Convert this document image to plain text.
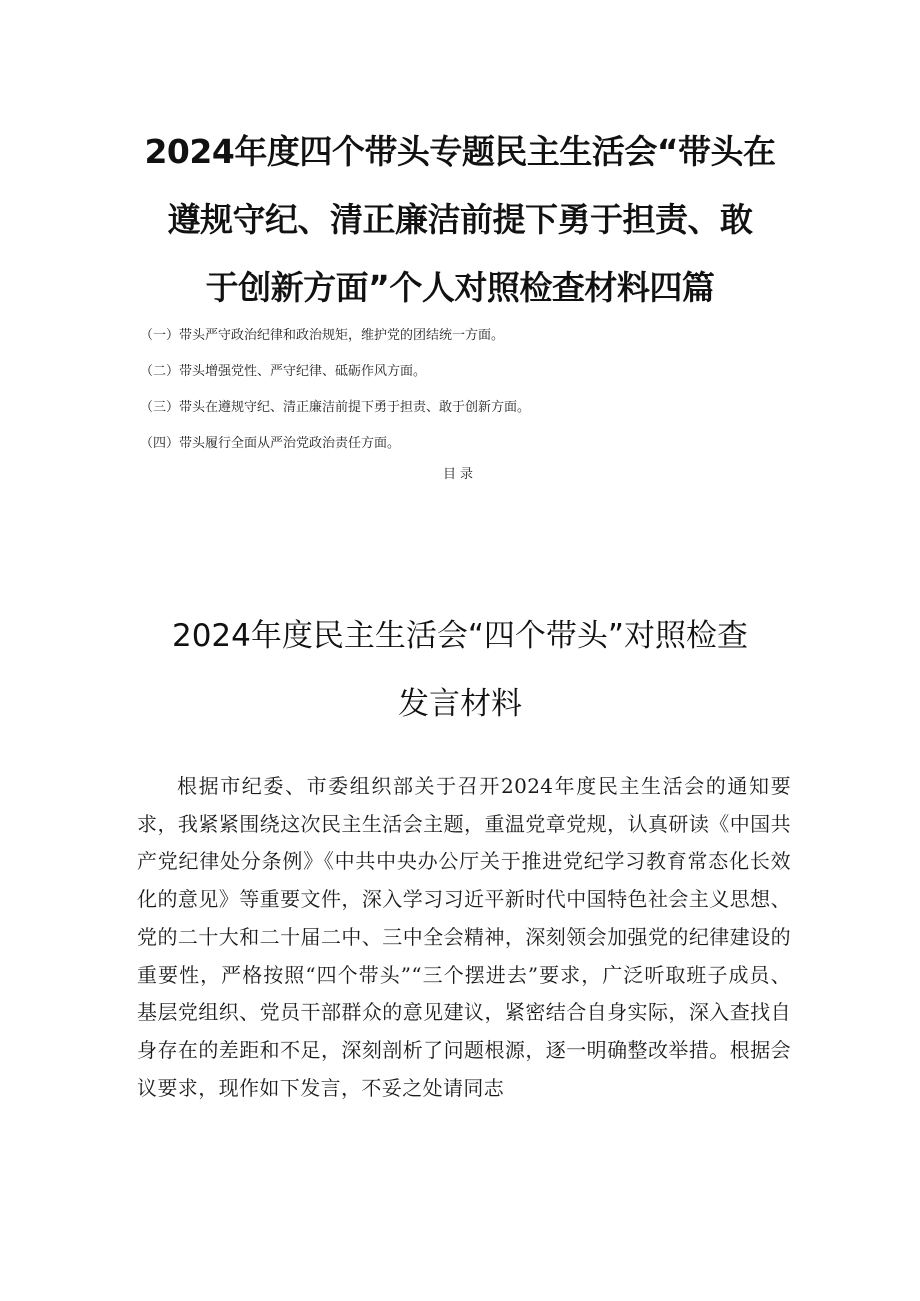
2024年度四个带头专题民主生活会“带头在
遵规守纪、清正廉洁前提下勇于担责、敢
于创新方面”个人对照检查材料四篇
（一）带头严守政治纪律和政治规矩，维护党的团结统一方面。
（二）带头增强党性、严守纪律、砥砺作风方面。
（三）带头在遵规守纪、清正廉洁前提下勇于担责、敢于创新方面。
（四）带头履行全面从严治党政治责任方面。
目录
2024年度民主生活会“四个带头”对照检查
发言材料

根据市纪委、市委组织部关于召开2024年度民主生活会的通知要求，我紧紧围绕这次民主生活会主题，重温党章党规，认真研读《中国共产党纪律处分条例》《中共中央办公厅关于推进党纪学习教育常态化长效化的意见》等重要文件，深入学习习近平新时代中国特色社会主义思想、党的二十大和二十届二中、三中全会精神，深刻领会加强党的纪律建设的重要性，严格按照“四个带头”“三个摆进去”要求，广泛听取班子成员、基层党组织、党员干部群众的意见建议，紧密结合自身实际，深入查找自身存在的差距和不足，深刻剖析了问题根源，逐一明确整改举措。根据会议要求，现作如下发言，不妥之处请同志
